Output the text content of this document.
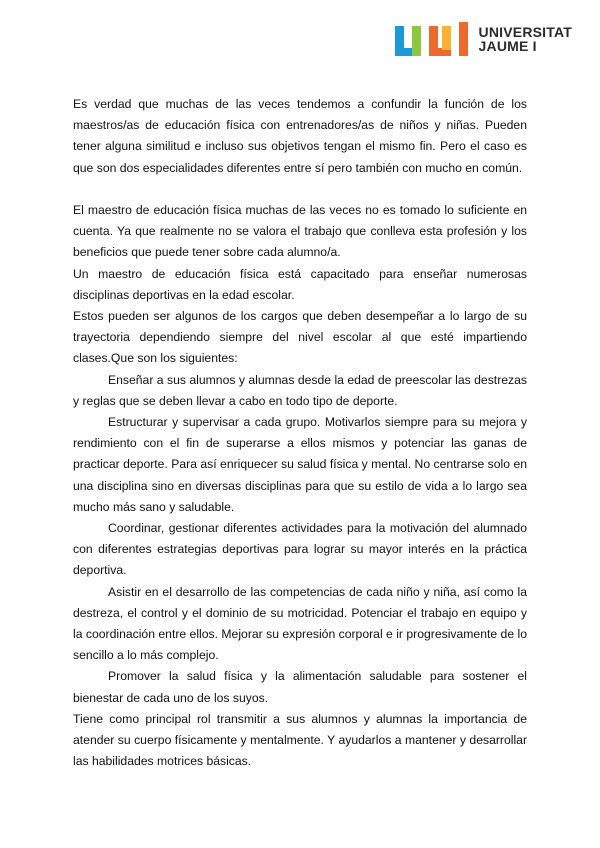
UNIVERSITAT
JAUME I

Es verdad que muchas de las veces tendemos a confundir la función de los maestros/as de educación física con entrenadores/as de niños y niñas. Pueden tener alguna similitud e incluso sus objetivos tengan el mismo fin. Pero el caso es que son dos especialidades diferentes entre sí pero también con mucho en común.

El maestro de educación física muchas de las veces no es tomado lo suficiente en cuenta. Ya que realmente no se valora el trabajo que conlleva esta profesión y los beneficios que puede tener sobre cada alumno/a.

Un maestro de educación física está capacitado para enseñar numerosas disciplinas deportivas en la edad escolar.

Estos pueden ser algunos de los cargos que deben desempeñar a lo largo de su trayectoria dependiendo siempre del nivel escolar al que esté impartiendo clases.Que son los siguientes:

Enseñar a sus alumnos y alumnas desde la edad de preescolar las destrezas y reglas que se deben llevar a cabo en todo tipo de deporte.

Estructurar y supervisar a cada grupo. Motivarlos siempre para su mejora y rendimiento con el fin de superarse a ellos mismos y potenciar las ganas de practicar deporte. Para así enriquecer su salud física y mental. No centrarse solo en una disciplina sino en diversas disciplinas para que su estilo de vida a lo largo sea mucho más sano y saludable.

Coordinar, gestionar diferentes actividades para la motivación del alumnado con diferentes estrategias deportivas para lograr su mayor interés en la práctica deportiva.

Asistir en el desarrollo de las competencias de cada niño y niña, así como la destreza, el control y el dominio de su motricidad. Potenciar el trabajo en equipo y la coordinación entre ellos. Mejorar su expresión corporal e ir progresivamente de lo sencillo a lo más complejo.

Promover la salud física y la alimentación saludable para sostener el bienestar de cada uno de los suyos.

Tiene como principal rol transmitir a sus alumnos y alumnas la importancia de atender su cuerpo físicamente y mentalmente. Y ayudarlos a mantener y desarrollar las habilidades motrices básicas.
